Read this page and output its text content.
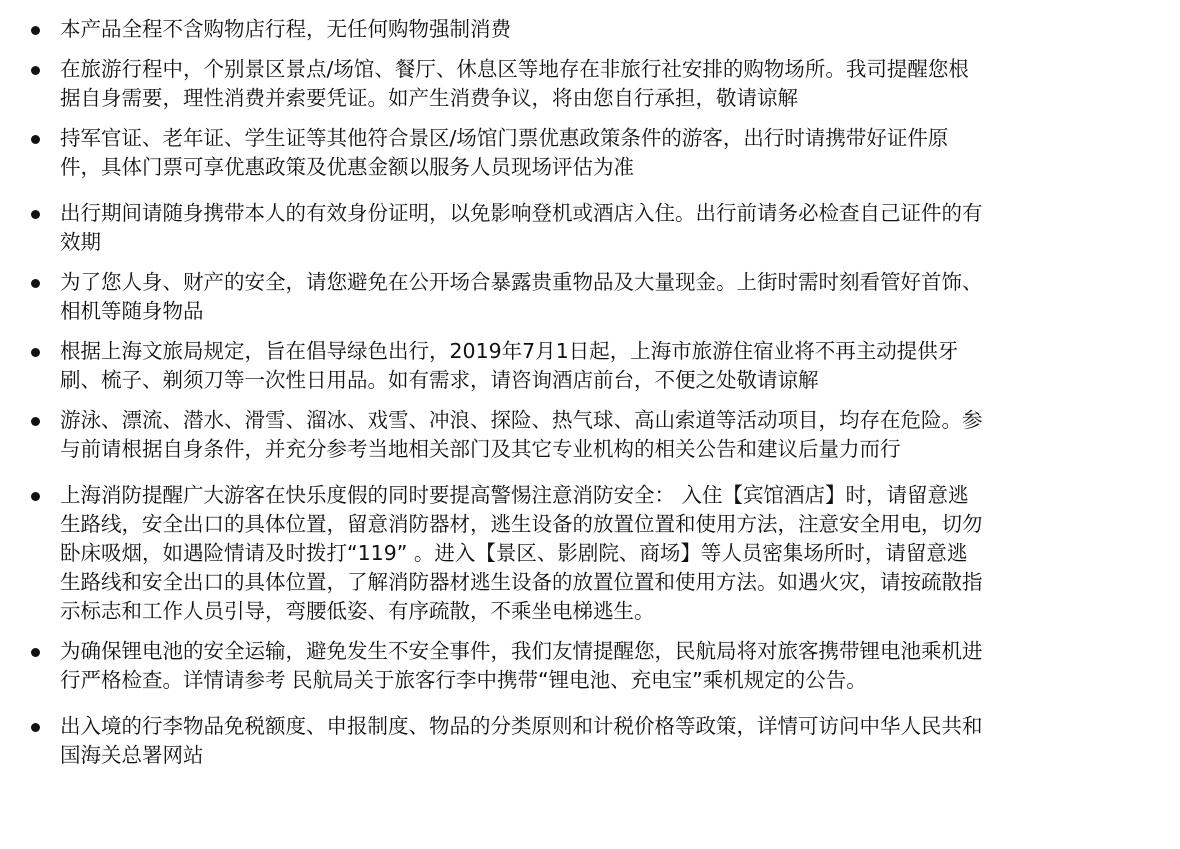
本产品全程不含购物店行程，无任何购物强制消费
在旅游行程中，个别景区景点/场馆、餐厅、休息区等地存在非旅行社安排的购物场所。我司提醒您根
据自身需要，理性消费并索要凭证。如产生消费争议，将由您自行承担，敬请谅解
持军官证、老年证、学生证等其他符合景区/场馆门票优惠政策条件的游客，出行时请携带好证件原
件，具体门票可享优惠政策及优惠金额以服务人员现场评估为准
出行期间请随身携带本人的有效身份证明，以免影响登机或酒店入住。出行前请务必检查自己证件的有
效期
为了您人身、财产的安全，请您避免在公开场合暴露贵重物品及大量现金。上街时需时刻看管好首饰、
相机等随身物品
根据上海文旅局规定，旨在倡导绿色出行，2019年7月1日起，上海市旅游住宿业将不再主动提供牙
刷、梳子、剃须刀等一次性日用品。如有需求，请咨询酒店前台，不便之处敬请谅解
游泳、漂流、潜水、滑雪、溜冰、戏雪、冲浪、探险、热气球、高山索道等活动项目，均存在危险。参
与前请根据自身条件，并充分参考当地相关部门及其它专业机构的相关公告和建议后量力而行
上海消防提醒广大游客在快乐度假的同时要提高警惕注意消防安全： 入住【宾馆酒店】时，请留意逃
生路线，安全出口的具体位置，留意消防器材，逃生设备的放置位置和使用方法，注意安全用电，切勿
卧床吸烟，如遇险情请及时拨打“119” 。进入【景区、影剧院、商场】等人员密集场所时，请留意逃
生路线和安全出口的具体位置，了解消防器材逃生设备的放置位置和使用方法。如遇火灾，请按疏散指
示标志和工作人员引导，弯腰低姿、有序疏散，不乘坐电梯逃生。
为确保锂电池的安全运输，避免发生不安全事件，我们友情提醒您，民航局将对旅客携带锂电池乘机进
行严格检查。详情请参考 民航局关于旅客行李中携带“锂电池、充电宝”乘机规定的公告。
出入境的行李物品免税额度、申报制度、物品的分类原则和计税价格等政策，详情可访问中华人民共和
国海关总署网站
